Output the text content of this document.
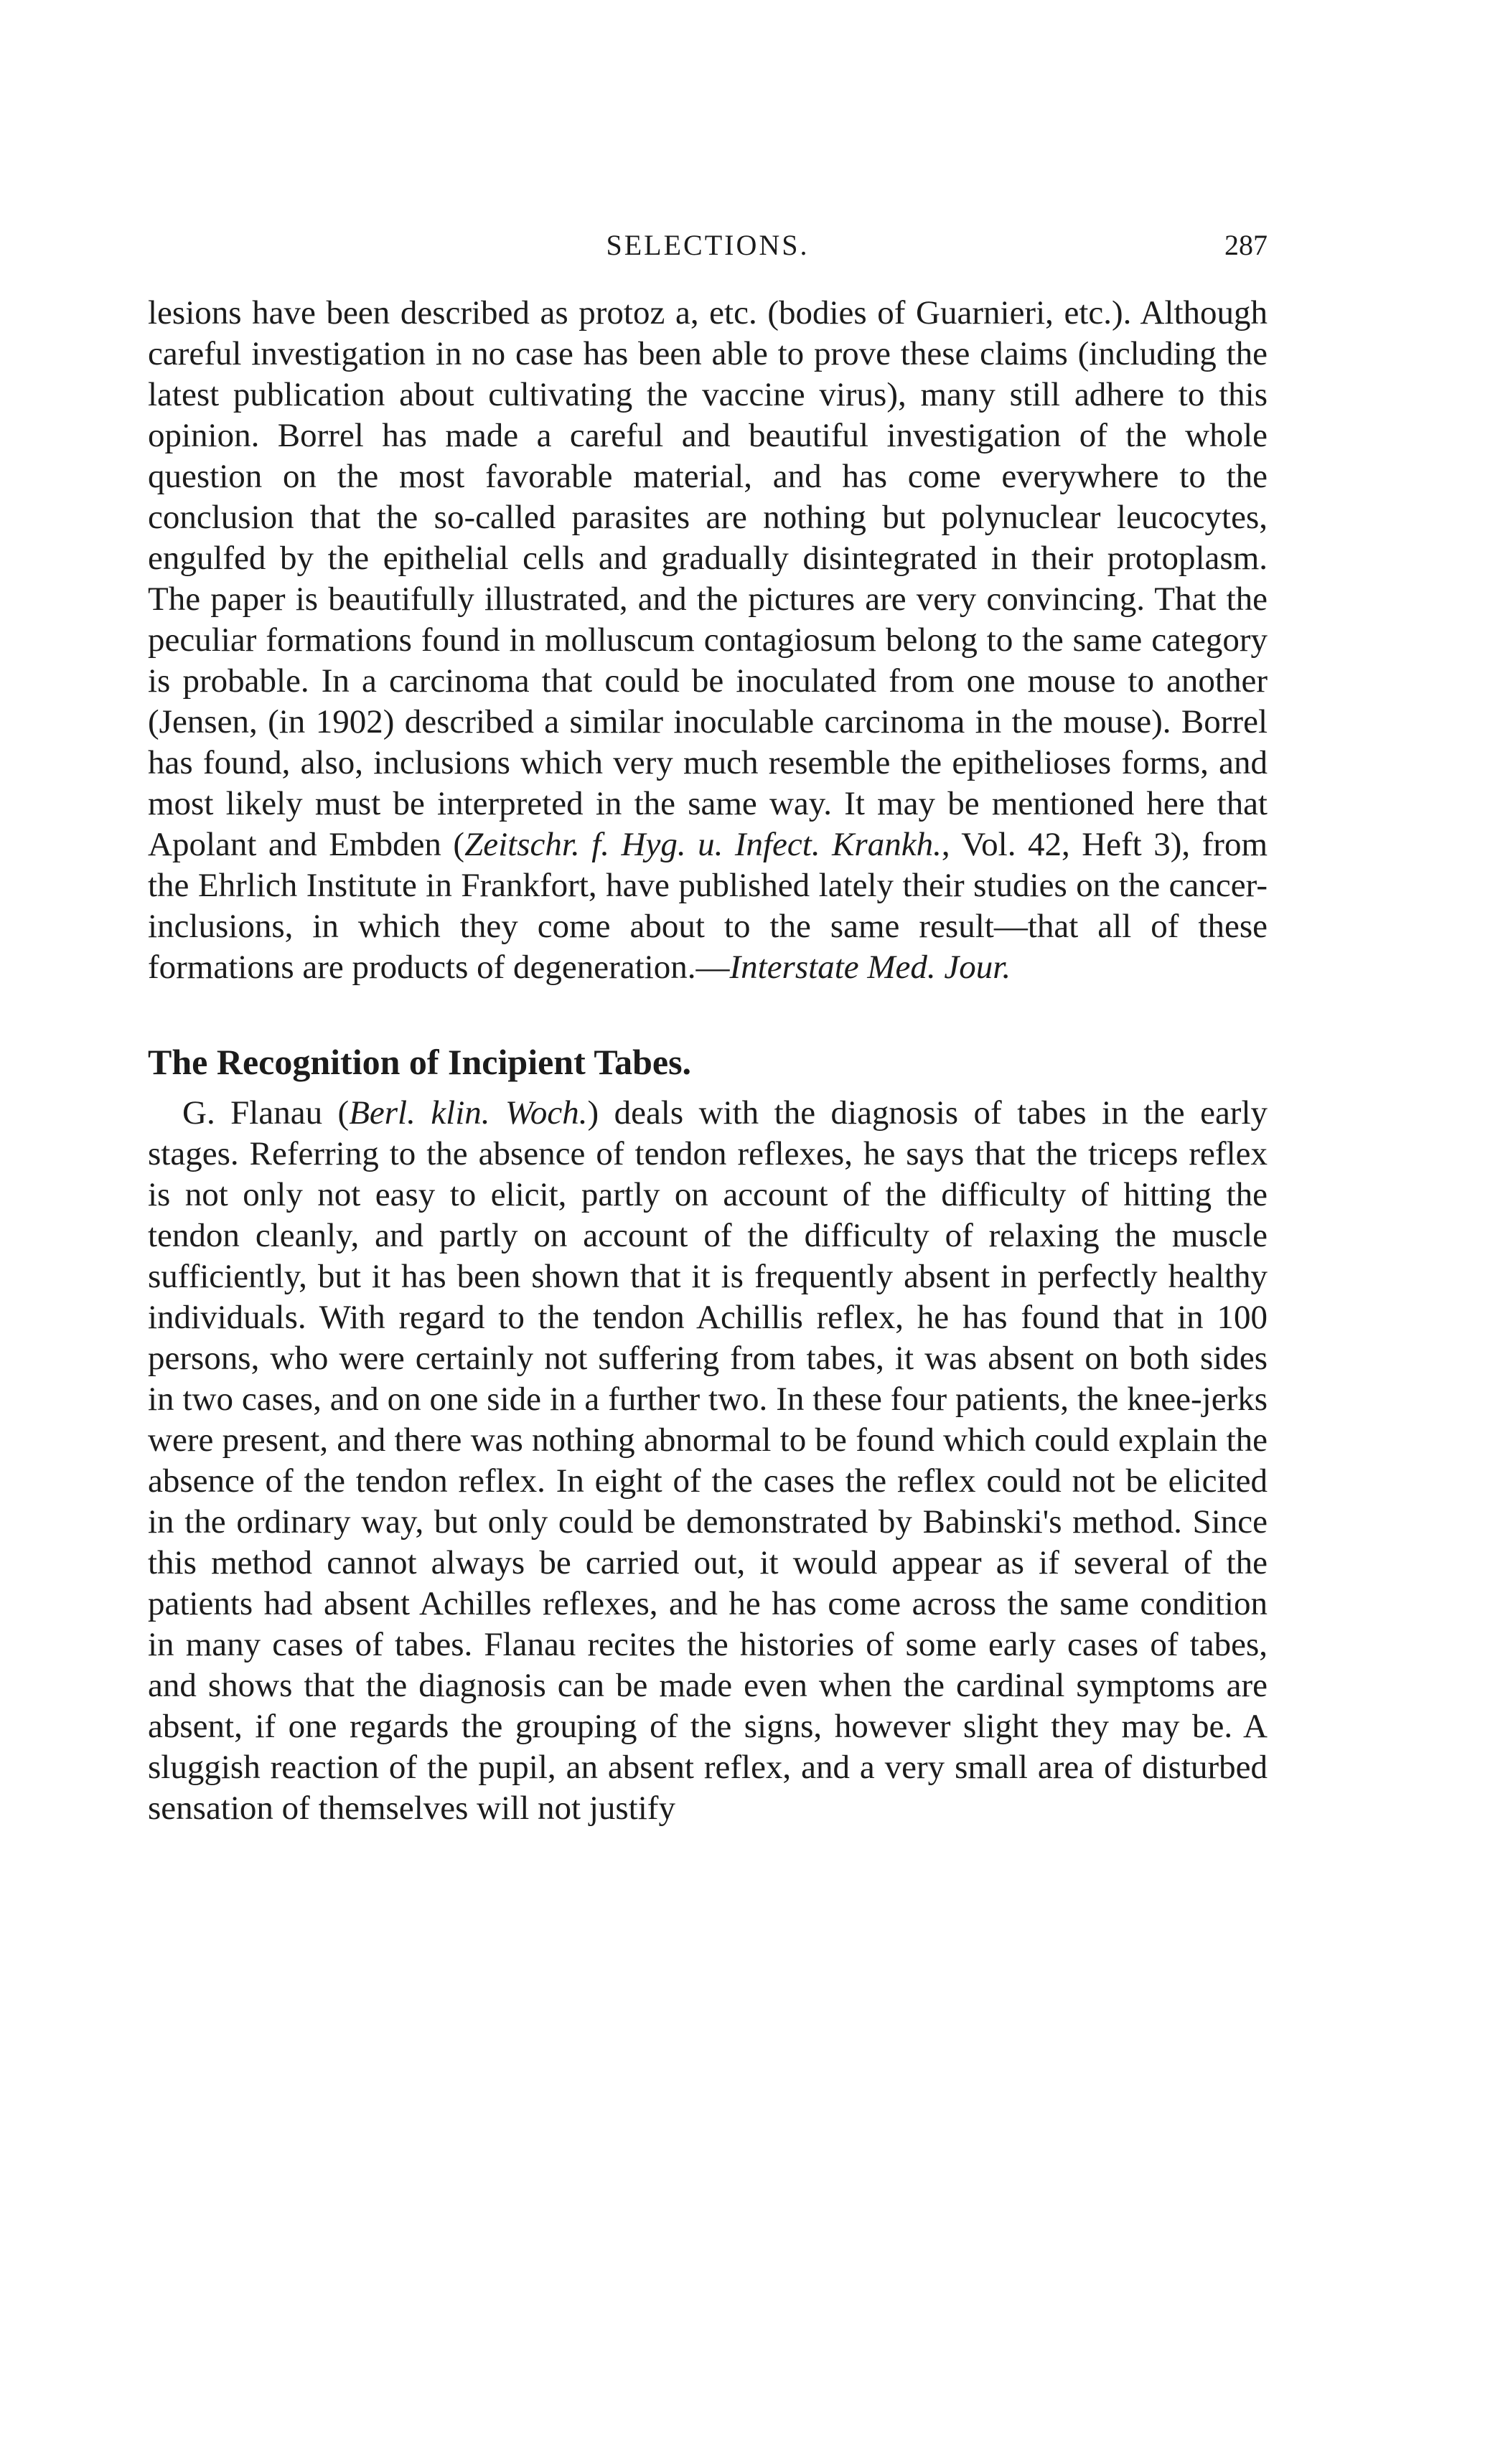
SELECTIONS.	287

lesions have been described as protoz a, etc. (bodies of Guarnieri, etc.). Although careful investigation in no case has been able to prove these claims (including the latest publication about cultivating the vaccine virus), many still adhere to this opinion. Borrel has made a careful and beautiful investigation of the whole question on the most favorable material, and has come everywhere to the conclusion that the so-called parasites are nothing but polynuclear leucocytes, engulfed by the epithelial cells and gradually disintegrated in their protoplasm. The paper is beautifully illustrated, and the pictures are very convincing. That the peculiar formations found in molluscum contagiosum belong to the same category is probable. In a carcinoma that could be inoculated from one mouse to another (Jensen, (in 1902) described a similar inoculable carcinoma in the mouse). Borrel has found, also, inclusions which very much resemble the epithelioses forms, and most likely must be interpreted in the same way. It may be mentioned here that Apolant and Embden (Zeitschr. f. Hyg. u. Infect. Krankh., Vol. 42, Heft 3), from the Ehrlich Institute in Frankfort, have published lately their studies on the cancer-inclusions, in which they come about to the same result—that all of these formations are products of degeneration.—Interstate Med. Jour.

The Recognition of Incipient Tabes.

G. Flanau (Berl. klin. Woch.) deals with the diagnosis of tabes in the early stages. Referring to the absence of tendon reflexes, he says that the triceps reflex is not only not easy to elicit, partly on account of the difficulty of hitting the tendon cleanly, and partly on account of the difficulty of relaxing the muscle sufficiently, but it has been shown that it is frequently absent in perfectly healthy individuals. With regard to the tendon Achillis reflex, he has found that in 100 persons, who were certainly not suffering from tabes, it was absent on both sides in two cases, and on one side in a further two. In these four patients, the knee-jerks were present, and there was nothing abnormal to be found which could explain the absence of the tendon reflex. In eight of the cases the reflex could not be elicited in the ordinary way, but only could be demonstrated by Babinski's method. Since this method cannot always be carried out, it would appear as if several of the patients had absent Achilles reflexes, and he has come across the same condition in many cases of tabes. Flanau recites the histories of some early cases of tabes, and shows that the diagnosis can be made even when the cardinal symptoms are absent, if one regards the grouping of the signs, however slight they may be. A sluggish reaction of the pupil, an absent reflex, and a very small area of disturbed sensation of themselves will not justify
